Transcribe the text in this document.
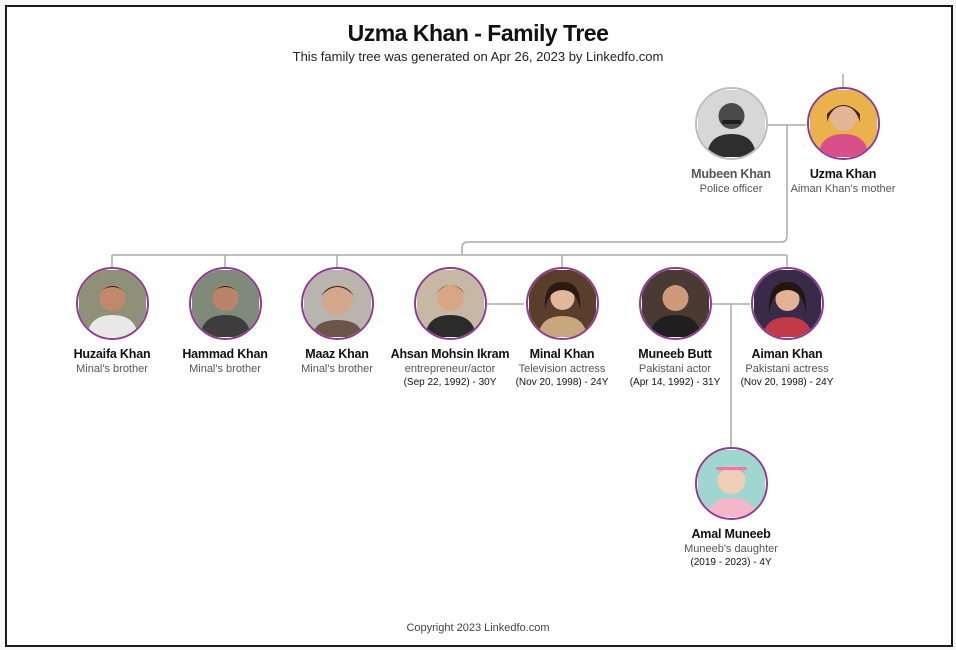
Uzma Khan - Family Tree
This family tree was generated on Apr 26, 2023 by Linkedfo.com
Mubeen Khan
Police officer
Uzma Khan
Aiman Khan's mother
Huzaifa Khan
Minal's brother
Hammad Khan
Minal's brother
Maaz Khan
Minal's brother
Ahsan Mohsin Ikram
entrepreneur/actor
(Sep 22, 1992) - 30Y
Minal Khan
Television actress
(Nov 20, 1998) - 24Y
Muneeb Butt
Pakistani actor
(Apr 14, 1992) - 31Y
Aiman Khan
Pakistani actress
(Nov 20, 1998) - 24Y
Amal Muneeb
Muneeb's daughter
(2019 - 2023) - 4Y
Copyright 2023 Linkedfo.com
